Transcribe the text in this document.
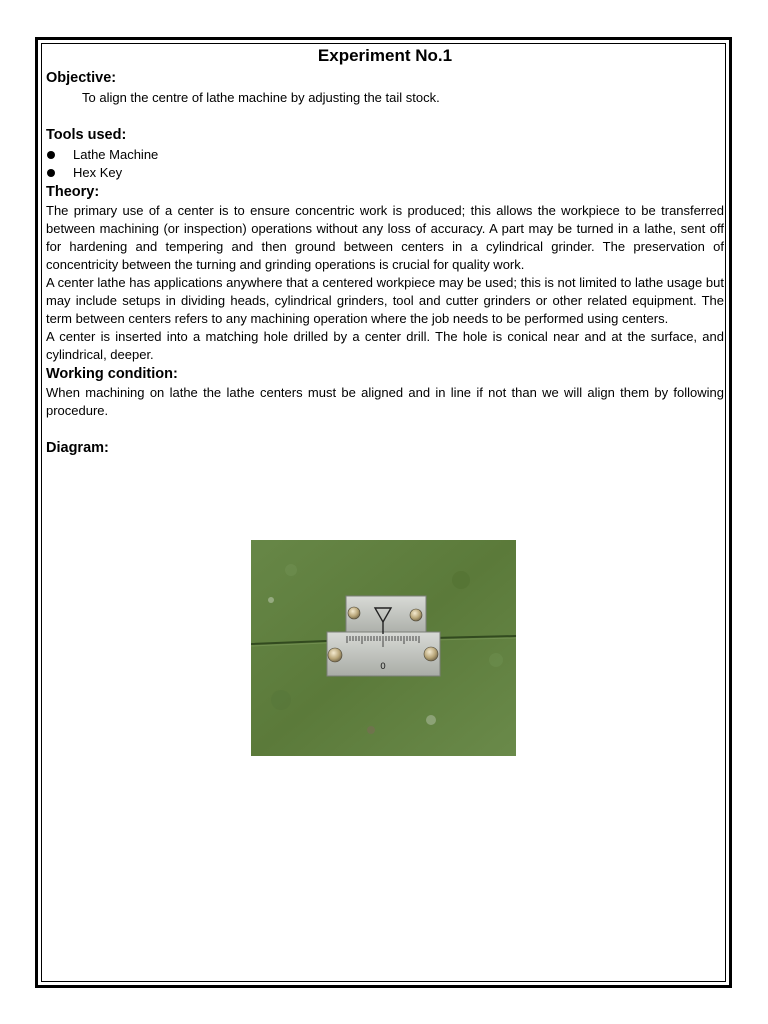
Experiment No.1
Objective:
To align the centre of lathe machine by adjusting the tail stock.
Tools used:
Lathe Machine
Hex Key
Theory:
The primary use of a center is to ensure concentric work is produced; this allows the workpiece to be transferred between machining (or inspection) operations without any loss of accuracy. A part may be turned in a lathe, sent off for hardening and tempering and then ground between centers in a cylindrical grinder. The preservation of concentricity between the turning and grinding operations is crucial for quality work.
A center lathe has applications anywhere that a centered workpiece may be used; this is not limited to lathe usage but may include setups in dividing heads, cylindrical grinders, tool and cutter grinders or other related equipment. The term between centers refers to any machining operation where the job needs to be performed using centers.
A center is inserted into a matching hole drilled by a center drill. The hole is conical near and at the surface, and cylindrical, deeper.
Working condition:
When machining on lathe the lathe centers must be aligned and in line if not than we will align them by following procedure.
Diagram:
0
